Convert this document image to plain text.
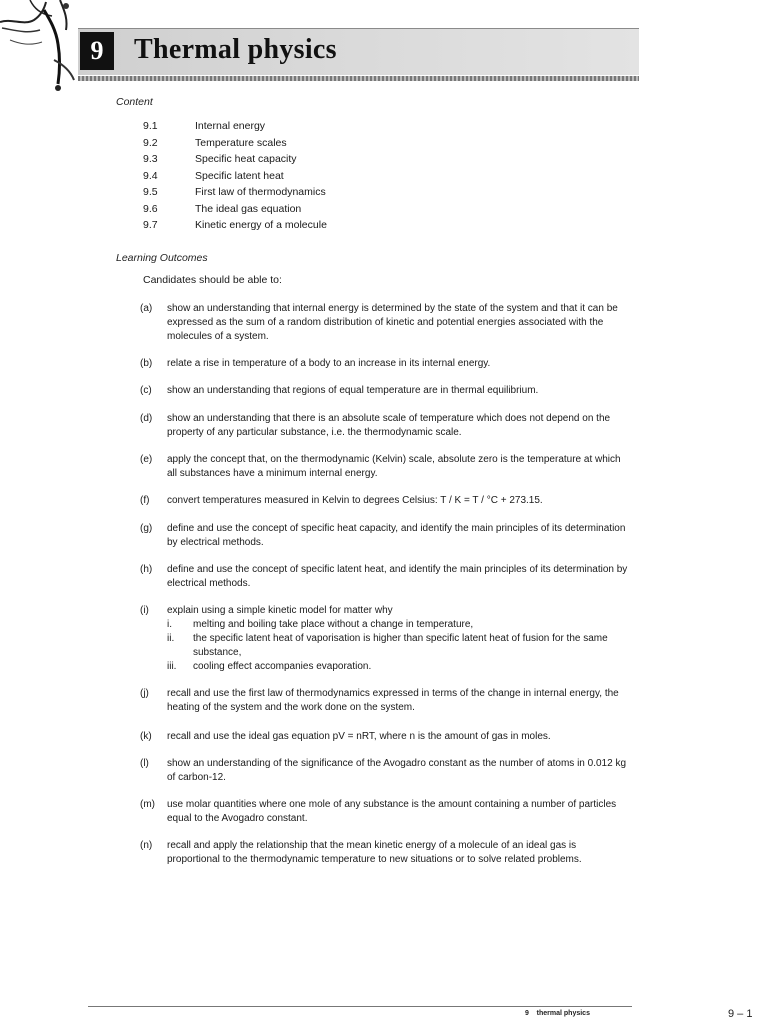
9	Thermal physics
Content
9.1	Internal energy
9.2	Temperature scales
9.3	Specific heat capacity
9.4	Specific latent heat
9.5	First law of thermodynamics
9.6	The ideal gas equation
9.7	Kinetic energy of a molecule
Learning Outcomes
Candidates should be able to:
(a) show an understanding that internal energy is determined by the state of the system and that it can be expressed as the sum of a random distribution of kinetic and potential energies associated with the molecules of a system.
(b) relate a rise in temperature of a body to an increase in its internal energy.
(c) show an understanding that regions of equal temperature are in thermal equilibrium.
(d) show an understanding that there is an absolute scale of temperature which does not depend on the property of any particular substance, i.e. the thermodynamic scale.
(e) apply the concept that, on the thermodynamic (Kelvin) scale, absolute zero is the temperature at which all substances have a minimum internal energy.
(f) convert temperatures measured in Kelvin to degrees Celsius: T / K = T / °C + 273.15.
(g) define and use the concept of specific heat capacity, and identify the main principles of its determination by electrical methods.
(h) define and use the concept of specific latent heat, and identify the main principles of its determination by electrical methods.
(i) explain using a simple kinetic model for matter why
i. melting and boiling take place without a change in temperature,
ii. the specific latent heat of vaporisation is higher than specific latent heat of fusion for the same substance,
iii. cooling effect accompanies evaporation.
(j) recall and use the first law of thermodynamics expressed in terms of the change in internal energy, the heating of the system and the work done on the system.
(k) recall and use the ideal gas equation pV = nRT, where n is the amount of gas in moles.
(l) show an understanding of the significance of the Avogadro constant as the number of atoms in 0.012 kg of carbon-12.
(m) use molar quantities where one mole of any substance is the amount containing a number of particles equal to the Avogadro constant.
(n) recall and apply the relationship that the mean kinetic energy of a molecule of an ideal gas is proportional to the thermodynamic temperature to new situations or to solve related problems.
9    thermal physics	9 – 1
